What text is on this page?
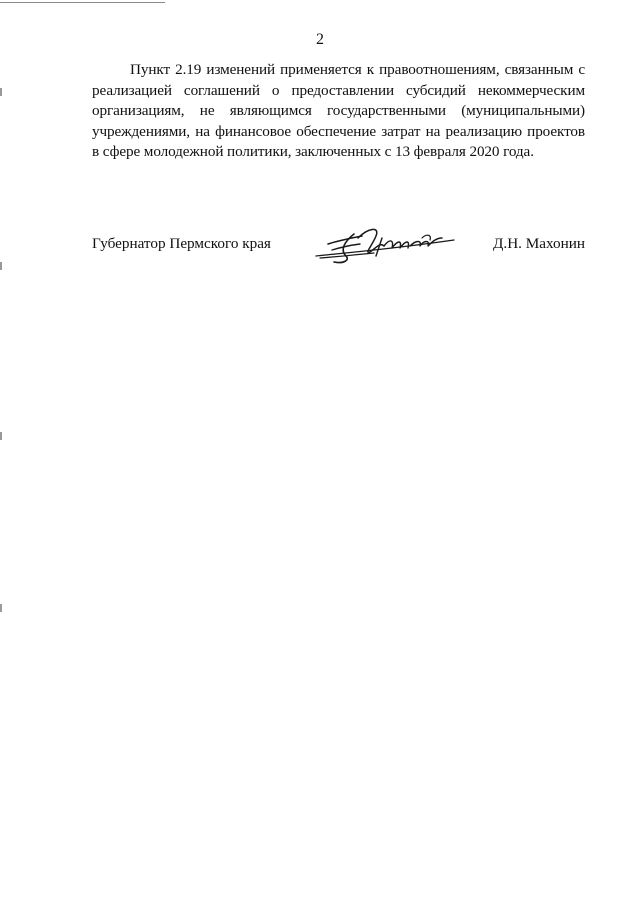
2

Пункт 2.19 изменений применяется к правоотношениям, связанным с реализацией соглашений о предоставлении субсидий некоммерческим организациям, не являющимся государственными (муниципальными) учреждениями, на финансовое обеспечение затрат на реализацию проектов в сфере молодежной политики, заключенных с 13 февраля 2020 года.

Губернатор Пермского края	Д.Н. Махонин
